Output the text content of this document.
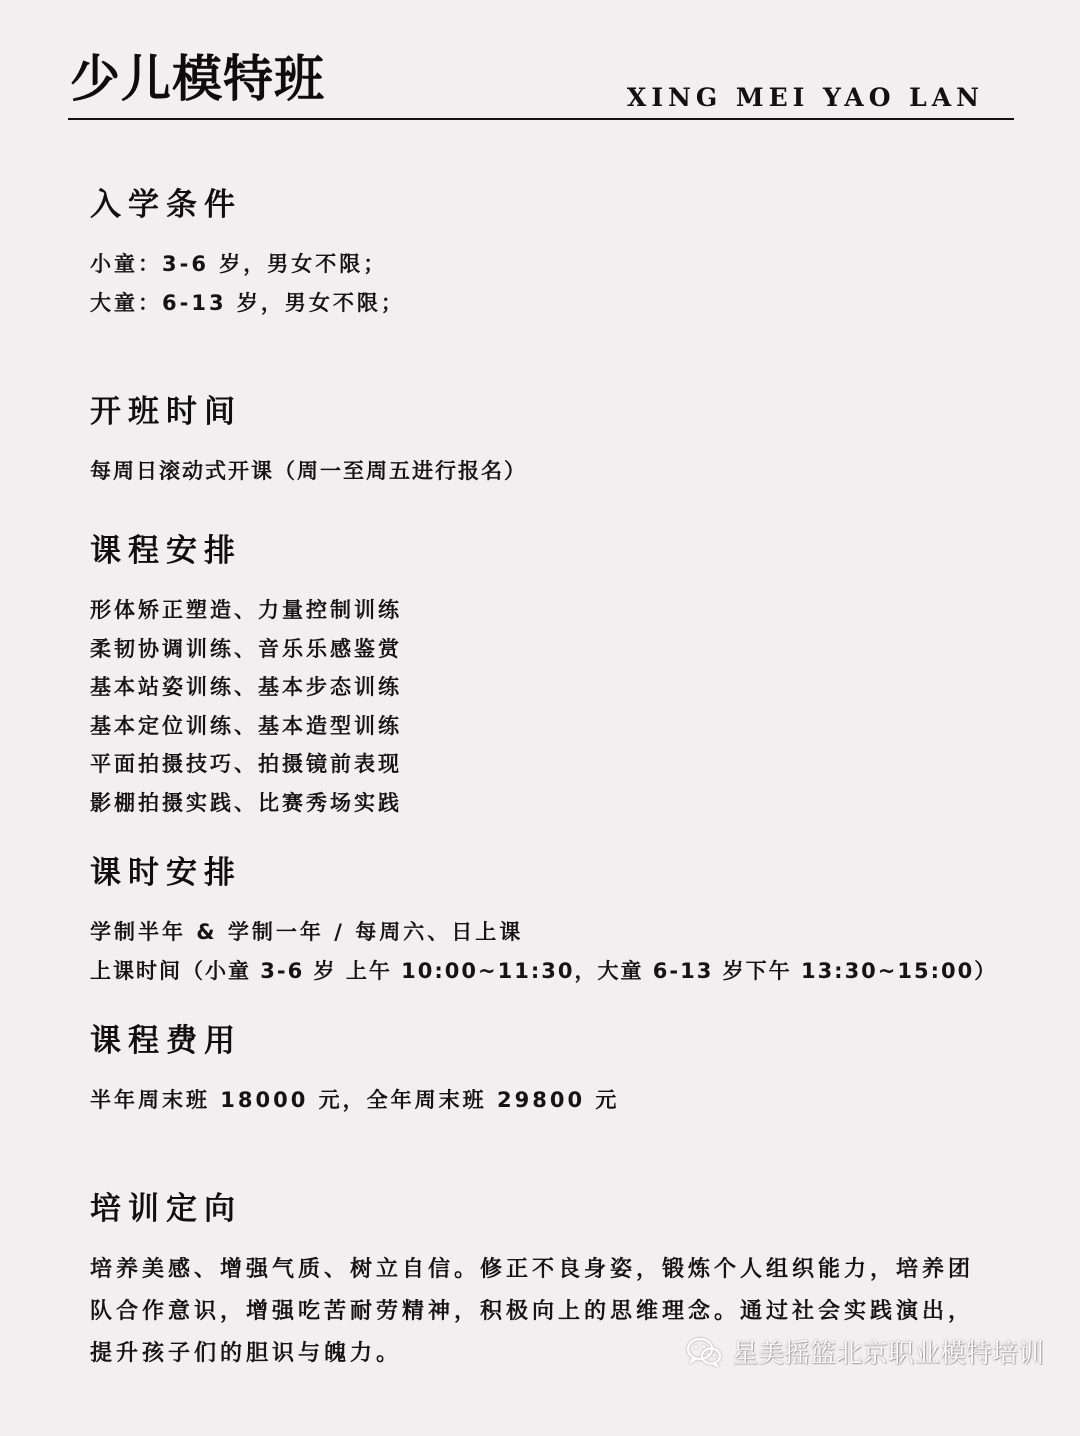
少儿模特班	XING MEI YAO LAN
入学条件
小童：3-6 岁，男女不限；
大童：6-13 岁，男女不限；
开班时间
每周日滚动式开课（周一至周五进行报名）
课程安排
形体矫正塑造、力量控制训练
柔韧协调训练、音乐乐感鉴赏
基本站姿训练、基本步态训练
基本定位训练、基本造型训练
平面拍摄技巧、拍摄镜前表现
影棚拍摄实践、比赛秀场实践
课时安排
学制半年 & 学制一年 / 每周六、日上课
上课时间（小童 3-6 岁 上午 10:00~11:30，大童 6-13 岁下午 13:30~15:00）
课程费用
半年周末班 18000 元，全年周末班 29800 元
培训定向
培养美感、增强气质、树立自信。修正不良身姿，锻炼个人组织能力，培养团队合作意识，增强吃苦耐劳精神，积极向上的思维理念。通过社会实践演出，提升孩子们的胆识与魄力。	星美摇篮北京职业模特培训
